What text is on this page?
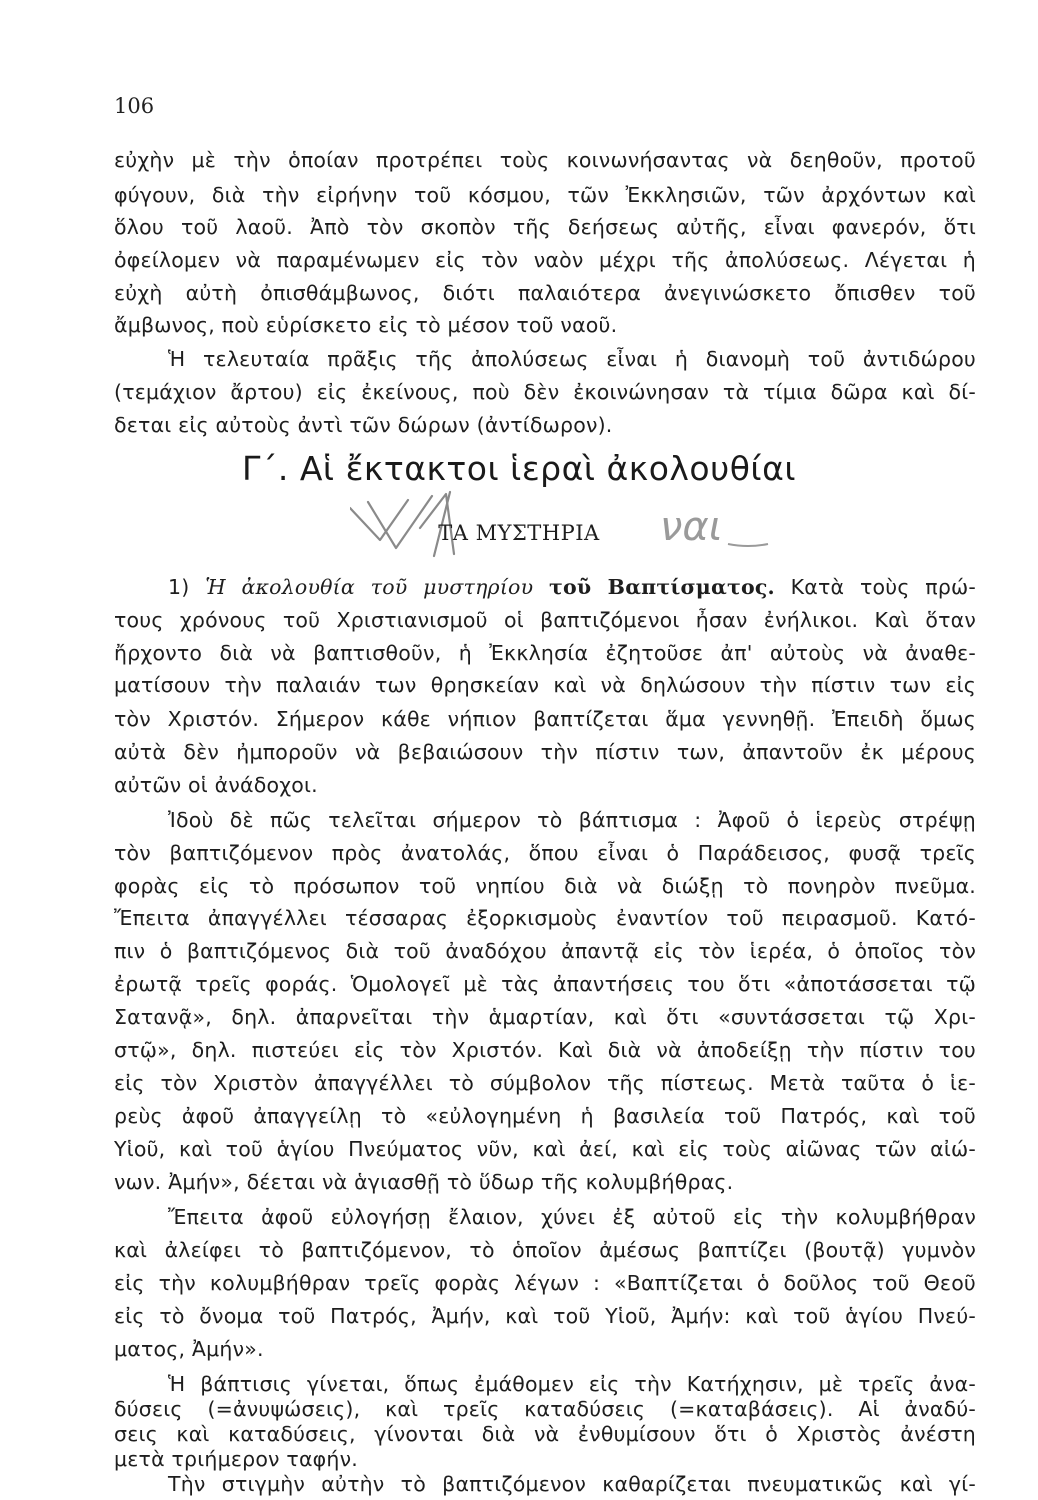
106
εὐχὴν μὲ τὴν ὁποίαν προτρέπει τοὺς κοινωνήσαντας νὰ δεηθοῦν, προτοῦ
φύγουν, διὰ τὴν εἰρήνην τοῦ κόσμου, τῶν Ἐκκλησιῶν, τῶν ἀρχόντων καὶ
ὅλου τοῦ λαοῦ. Ἀπὸ τὸν σκοπὸν τῆς δεήσεως αὐτῆς, εἶναι φανερόν, ὅτι
ὀφείλομεν νὰ παραμένωμεν εἰς τὸν ναὸν μέχρι τῆς ἀπολύσεως. Λέγεται ἡ
εὐχὴ αὐτὴ ὀπισθάμβωνος, διότι παλαιότερα ἀνεγινώσκετο ὄπισθεν τοῦ
ἄμβωνος, ποὺ εὑρίσκετο εἰς τὸ μέσον τοῦ ναοῦ.
Ἡ τελευταία πρᾶξις τῆς ἀπολύσεως εἶναι ἡ διανομὴ τοῦ ἀντιδώρου
(τεμάχιον ἄρτου) εἰς ἐκείνους, ποὺ δὲν ἐκοινώνησαν τὰ τίμια δῶρα καὶ δί-
δεται εἰς αὐτοὺς ἀντὶ τῶν δώρων (ἀντίδωρον).
Γ΄. Αἱ ἔκτακτοι ἱεραὶ ἀκολουθίαι
ναι
ΤΑ ΜΥΣΤΗΡΙΑ
1) Ἡ ἀκολουθία τοῦ μυστηρίου τοῦ Βαπτίσματος. Κατὰ τοὺς πρώ-
τους χρόνους τοῦ Χριστιανισμοῦ οἱ βαπτιζόμενοι ἦσαν ἐνήλικοι. Καὶ ὅταν
ἤρχοντο διὰ νὰ βαπτισθοῦν, ἡ Ἐκκλησία ἐζητοῦσε ἀπ' αὐτοὺς νὰ ἀναθε-
ματίσουν τὴν παλαιάν των θρησκείαν καὶ νὰ δηλώσουν τὴν πίστιν των εἰς
τὸν Χριστόν. Σήμερον κάθε νήπιον βαπτίζεται ἅμα γεννηθῇ. Ἐπειδὴ ὅμως
αὐτὰ δὲν ἠμποροῦν νὰ βεβαιώσουν τὴν πίστιν των, ἀπαντοῦν ἐκ μέρους
αὐτῶν οἱ ἀνάδοχοι.
Ἰδοὺ δὲ πῶς τελεῖται σήμερον τὸ βάπτισμα : Ἀφοῦ ὁ ἱερεὺς στρέψῃ
τὸν βαπτιζόμενον πρὸς ἀνατολάς, ὅπου εἶναι ὁ Παράδεισος, φυσᾷ τρεῖς
φορὰς εἰς τὸ πρόσωπον τοῦ νηπίου διὰ νὰ διώξῃ τὸ πονηρὸν πνεῦμα.
Ἔπειτα ἀπαγγέλλει τέσσαρας ἐξορκισμοὺς ἐναντίον τοῦ πειρασμοῦ. Κατό-
πιν ὁ βαπτιζόμενος διὰ τοῦ ἀναδόχου ἀπαντᾷ εἰς τὸν ἱερέα, ὁ ὁποῖος τὸν
ἐρωτᾷ τρεῖς φοράς. Ὁμολογεῖ μὲ τὰς ἀπαντήσεις του ὅτι «ἀποτάσσεται τῷ
Σατανᾷ», δηλ. ἀπαρνεῖται τὴν ἁμαρτίαν, καὶ ὅτι «συντάσσεται τῷ Χρι-
στῷ», δηλ. πιστεύει εἰς τὸν Χριστόν. Καὶ διὰ νὰ ἀποδείξῃ τὴν πίστιν του
εἰς τὸν Χριστὸν ἀπαγγέλλει τὸ σύμβολον τῆς πίστεως. Μετὰ ταῦτα ὁ ἱε-
ρεὺς ἀφοῦ ἀπαγγείλῃ τὸ «εὐλογημένη ἡ βασιλεία τοῦ Πατρός, καὶ τοῦ
Υἱοῦ, καὶ τοῦ ἁγίου Πνεύματος νῦν, καὶ ἀεί, καὶ εἰς τοὺς αἰῶνας τῶν αἰώ-
νων. Ἀμήν», δέεται νὰ ἁγιασθῇ τὸ ὕδωρ τῆς κολυμβήθρας.
Ἔπειτα ἀφοῦ εὐλογήσῃ ἔλαιον, χύνει ἐξ αὐτοῦ εἰς τὴν κολυμβήθραν
καὶ ἀλείφει τὸ βαπτιζόμενον, τὸ ὁποῖον ἀμέσως βαπτίζει (βουτᾷ) γυμνὸν
εἰς τὴν κολυμβήθραν τρεῖς φορὰς λέγων : «Βαπτίζεται ὁ δοῦλος τοῦ Θεοῦ
εἰς τὸ ὄνομα τοῦ Πατρός, Ἀμήν, καὶ τοῦ Υἱοῦ, Ἀμήν: καὶ τοῦ ἁγίου Πνεύ-
ματος, Ἀμήν».
Ἡ βάπτισις γίνεται, ὅπως ἐμάθομεν εἰς τὴν Κατήχησιν, μὲ τρεῖς ἀνα-
δύσεις (=ἀνυψώσεις), καὶ τρεῖς καταδύσεις (=καταβάσεις). Αἱ ἀναδύ-
σεις καὶ καταδύσεις, γίνονται διὰ νὰ ἐνθυμίσουν ὅτι ὁ Χριστὸς ἀνέστη
μετὰ τριήμερον ταφήν.
Τὴν στιγμὴν αὐτὴν τὸ βαπτιζόμενον καθαρίζεται πνευματικῶς καὶ γί-
